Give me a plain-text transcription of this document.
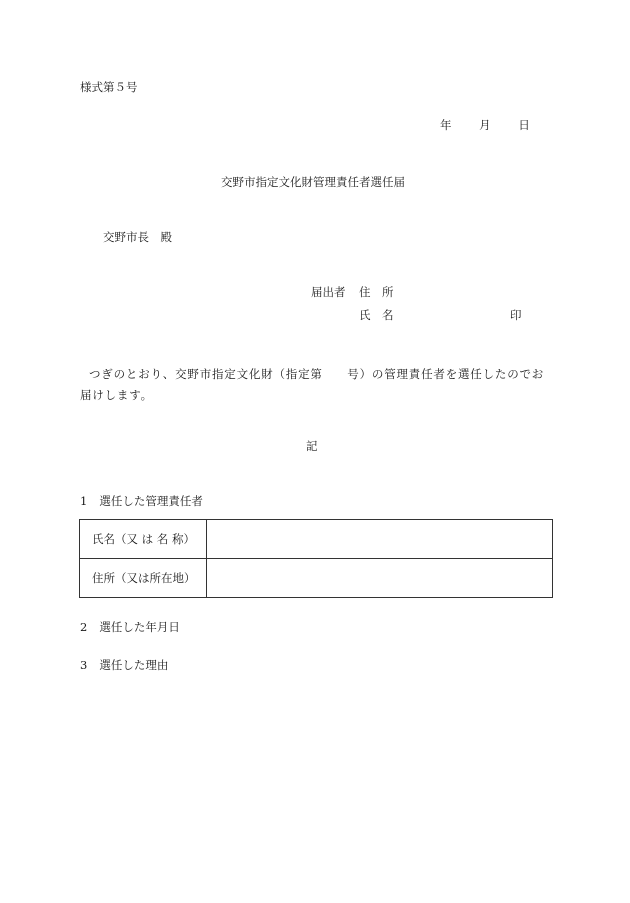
様式第５号
年 月 日
交野市指定文化財管理責任者選任届
交野市長　殿
届出者 住　所
氏　名	印
つぎのとおり、交野市指定文化財（指定第　　号）の管理責任者を選任したのでお届けします。
記
1 選任した管理責任者
氏名（又 は 名 称）	
住所（又は所在地）	
2 選任した年月日
3 選任した理由
